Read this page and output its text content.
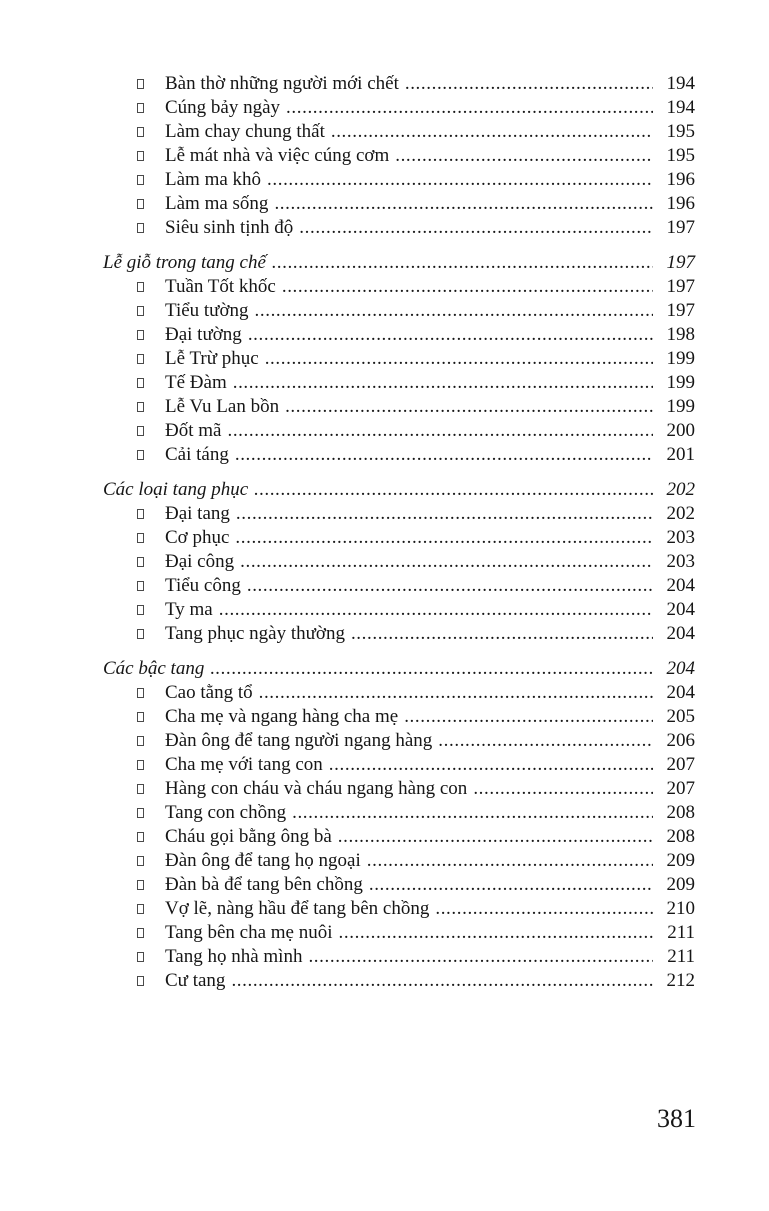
Bàn thờ những người mới chết .....	194
Cúng bảy ngày .....	194
Làm chay chung thất .....	195
Lễ mát nhà và việc cúng cơm .....	195
Làm ma khô .....	196
Làm ma sống .....	196
Siêu sinh tịnh độ .....	197
Lễ giỗ trong tang chế .....	197
Tuần Tốt khốc .....	197
Tiểu tường .....	197
Đại tường .....	198
Lễ Trừ phục .....	199
Tế Đàm .....	199
Lễ Vu Lan bồn .....	199
Đốt mã .....	200
Cải táng .....	201
Các loại tang phục .....	202
Đại tang .....	202
Cơ phục .....	203
Đại công .....	203
Tiểu công .....	204
Ty ma .....	204
Tang phục ngày thường .....	204
Các bậc tang .....	204
Cao tằng tổ .....	204
Cha mẹ và ngang hàng cha mẹ .....	205
Đàn ông để tang người ngang hàng .....	206
Cha mẹ với tang con .....	207
Hàng con cháu và cháu ngang hàng con .....	207
Tang con chồng .....	208
Cháu gọi bằng ông bà .....	208
Đàn ông để tang họ ngoại .....	209
Đàn bà để tang bên chồng .....	209
Vợ lẽ, nàng hầu để tang bên chồng .....	210
Tang bên cha mẹ nuôi .....	211
Tang họ nhà mình .....	211
Cư tang .....	212
381
